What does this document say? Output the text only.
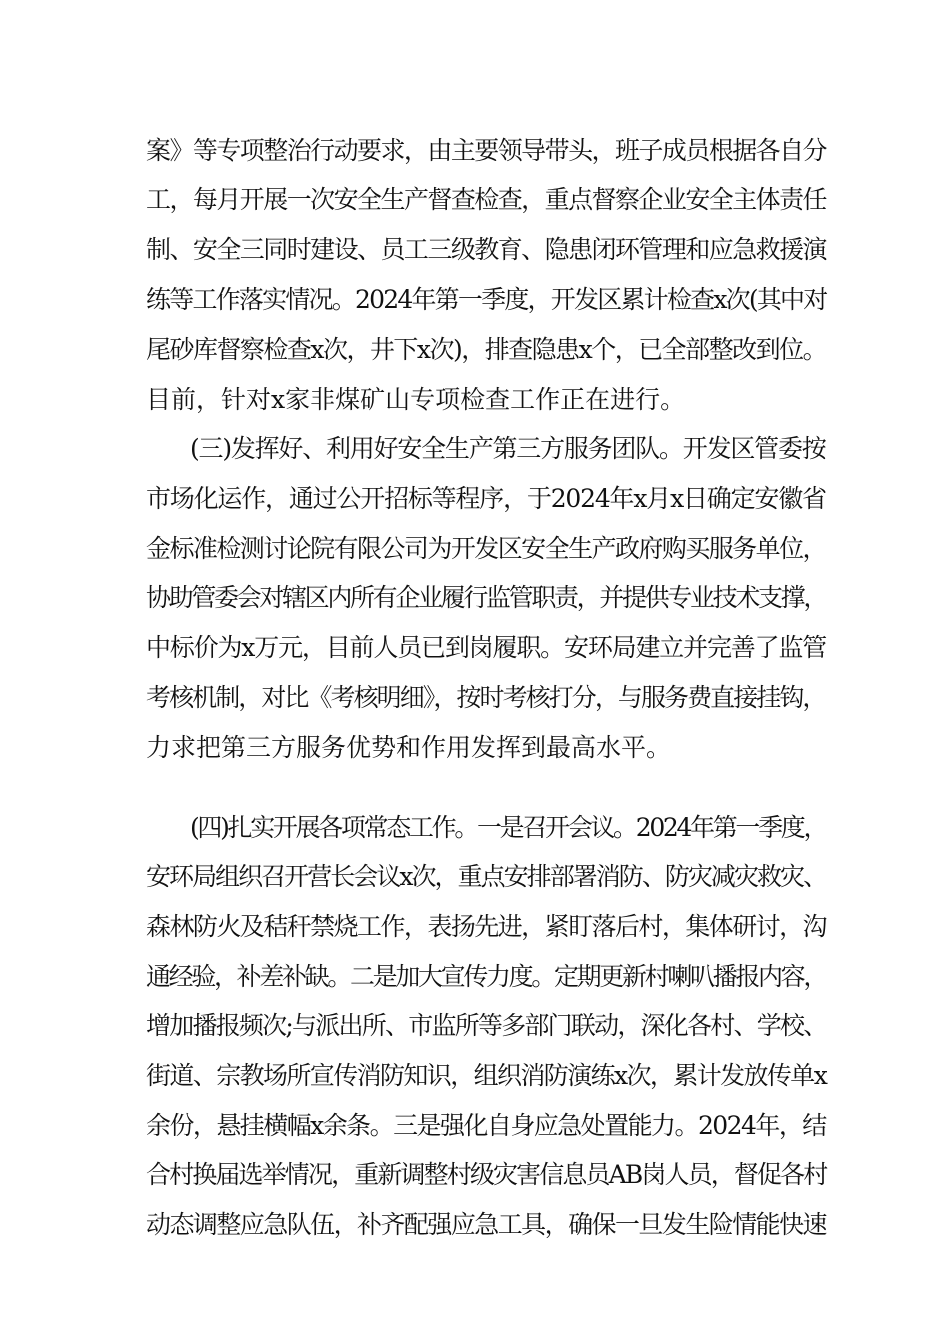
案》等专项整治行动要求，由主要领导带头，班子成员根据各自分
工，每月开展一次安全生产督查检查，重点督察企业安全主体责任
制、安全三同时建设、员工三级教育、隐患闭环管理和应急救援演
练等工作落实情况。2024年第一季度，开发区累计检查x次(其中对
尾砂库督察检查x次，井下x次)，排查隐患x个，已全部整改到位。
目前，针对x家非煤矿山专项检查工作正在进行。
(三)发挥好、利用好安全生产第三方服务团队。开发区管委按
市场化运作，通过公开招标等程序，于2024年x月x日确定安徽省
金标准检测讨论院有限公司为开发区安全生产政府购买服务单位，
协助管委会对辖区内所有企业履行监管职责，并提供专业技术支撑，
中标价为x万元，目前人员已到岗履职。安环局建立并完善了监管
考核机制，对比《考核明细》，按时考核打分，与服务费直接挂钩，
力求把第三方服务优势和作用发挥到最高水平。
(四)扎实开展各项常态工作。一是召开会议。2024年第一季度，
安环局组织召开营长会议x次，重点安排部署消防、防灾减灾救灾、
森林防火及秸秆禁烧工作，表扬先进，紧盯落后村，集体研讨，沟
通经验，补差补缺。二是加大宣传力度。定期更新村喇叭播报内容，
增加播报频次;与派出所、市监所等多部门联动，深化各村、学校、
街道、宗教场所宣传消防知识，组织消防演练x次，累计发放传单x
余份，悬挂横幅x余条。三是强化自身应急处置能力。2024年，结
合村换届选举情况，重新调整村级灾害信息员AB岗人员，督促各村
动态调整应急队伍，补齐配强应急工具，确保一旦发生险情能快速
